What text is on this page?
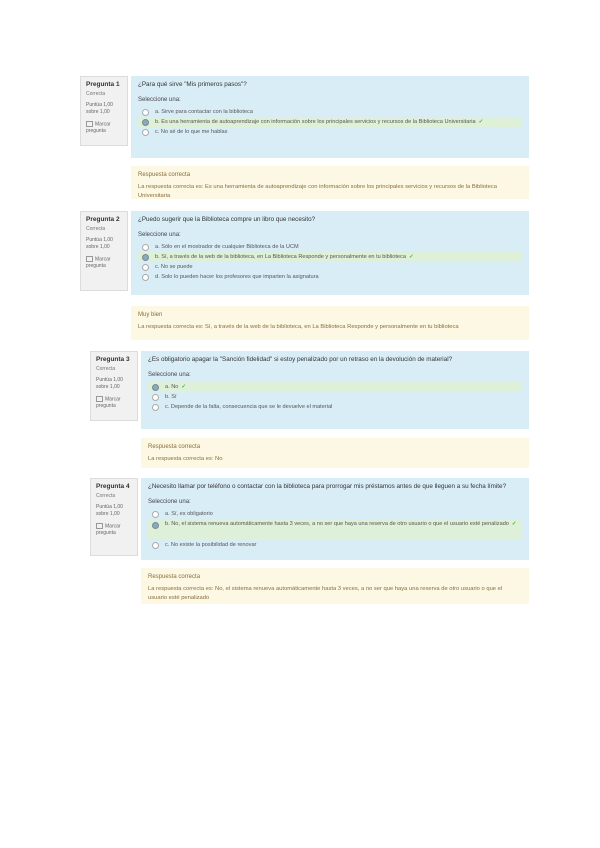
Pregunta 1
Correcta
Puntúa 1,00 sobre 1,00
Marcar pregunta
¿Para qué sirve "Mis primeros pasos"?
Seleccione una:
a. Sirve para contactar con la biblioteca
b. Es una herramienta de autoaprendizaje con información sobre los principales servicios y recursos de la Biblioteca Universitaria ✓
c. No sé de lo que me hablas
Respuesta correcta
La respuesta correcta es: Es una herramienta de autoaprendizaje con información sobre los principales servicios y recursos de la Biblioteca Universitaria
Pregunta 2
Correcta
Puntúa 1,00 sobre 1,00
Marcar pregunta
¿Puedo sugerir que la Biblioteca compre un libro que necesito?
Seleccione una:
a. Sólo en el mostrador de cualquier Biblioteca de la UCM
b. Sí, a través de la web de la biblioteca, en La Biblioteca Responde y personalmente en tu biblioteca ✓
c. No se puede
d. Solo lo pueden hacer los profesores que imparten la asignatura
Muy bien
La respuesta correcta es: Sí, a través de la web de la biblioteca, en La Biblioteca Responde y personalmente en tu biblioteca
Pregunta 3
Correcta
Puntúa 1,00 sobre 1,00
Marcar pregunta
¿Es obligatorio apagar la "Sanción fidelidad" si estoy penalizado por un retraso en la devolución de material?
Seleccione una:
a. No ✓
b. Sí
c. Depende de la falta, consecuencia que se le devuelve el material
Respuesta correcta
La respuesta correcta es: No
Pregunta 4
Correcta
Puntúa 1,00 sobre 1,00
Marcar pregunta
¿Necesito llamar por teléfono o contactar con la biblioteca para prorrogar mis préstamos antes de que lleguen a su fecha límite?
Seleccione una:
a. Sí, es obligatorio
b. No, el sistema renueva automáticamente hasta 3 veces, a no ser que haya una reserva de otro usuario o que el usuario esté penalizado ✓
c. No existe la posibilidad de renovar
Respuesta correcta
La respuesta correcta es: No, el sistema renueva automáticamente hasta 3 veces, a no ser que haya una reserva de otro usuario o que el usuario esté penalizado
